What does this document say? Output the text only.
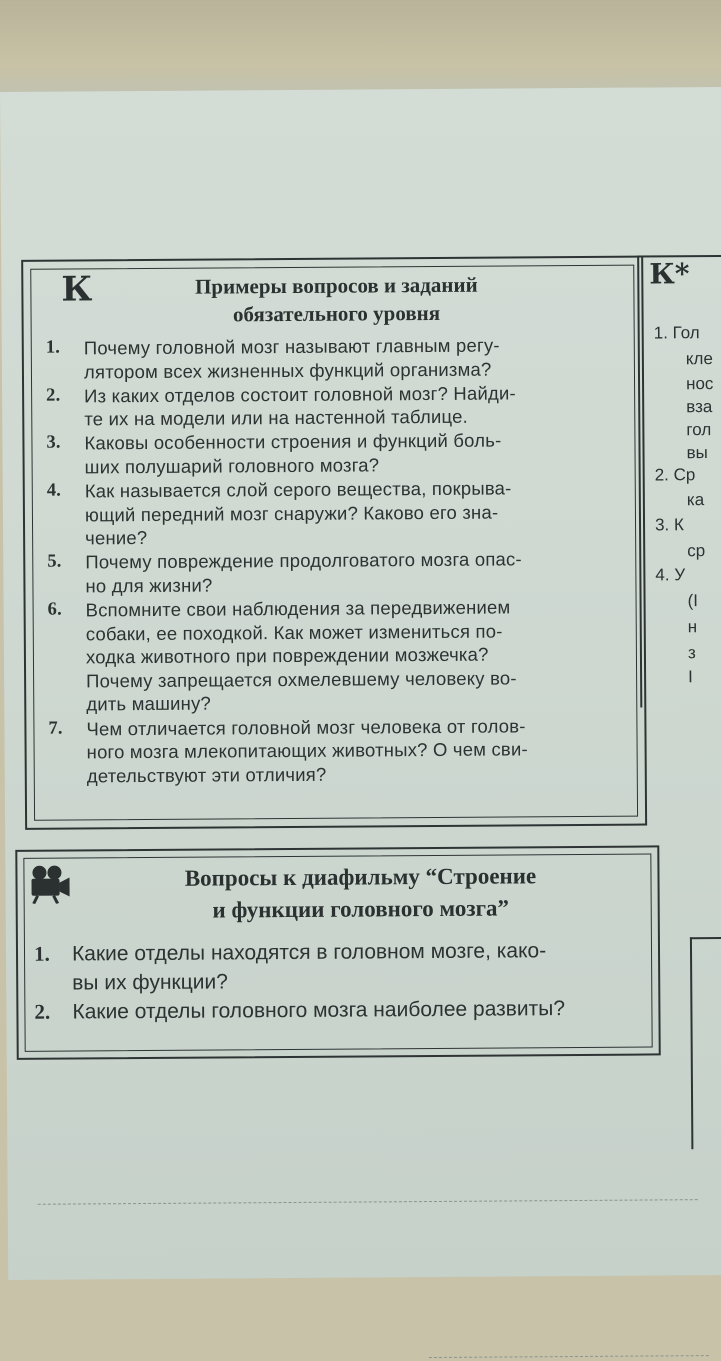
К	Примеры вопросов и заданий
обязательного уровня
1.	Почему головной мозг называют главным регу-
лятором всех жизненных функций организма?
2.	Из каких отделов состоит головной мозг? Найди-
те их на модели или на настенной таблице.
3.	Каковы особенности строения и функций боль-
ших полушарий головного мозга?
4.	Как называется слой серого вещества, покрыва-
ющий передний мозг снаружи? Каково его зна-
чение?
5.	Почему повреждение продолговатого мозга опас-
но для жизни?
6.	Вспомните свои наблюдения за передвижением
собаки, ее походкой. Как может измениться по-
ходка животного при повреждении мозжечка?
Почему запрещается охмелевшему человеку во-
дить машину?
7.	Чем отличается головной мозг человека от голов-
ного мозга млекопитающих животных? О чем сви-
детельствуют эти отличия?
Вопросы к диафильму “Строение
и функции головного мозга”
1.	Какие отделы находятся в головном мозге, како-
вы их функции?
2.	Какие отделы головного мозга наиболее развиты?
К*
1. Гол
кле
нос
вза
гол
вы
2. Ср
ка
3. К
ср
4. У
(І
н
з
І
